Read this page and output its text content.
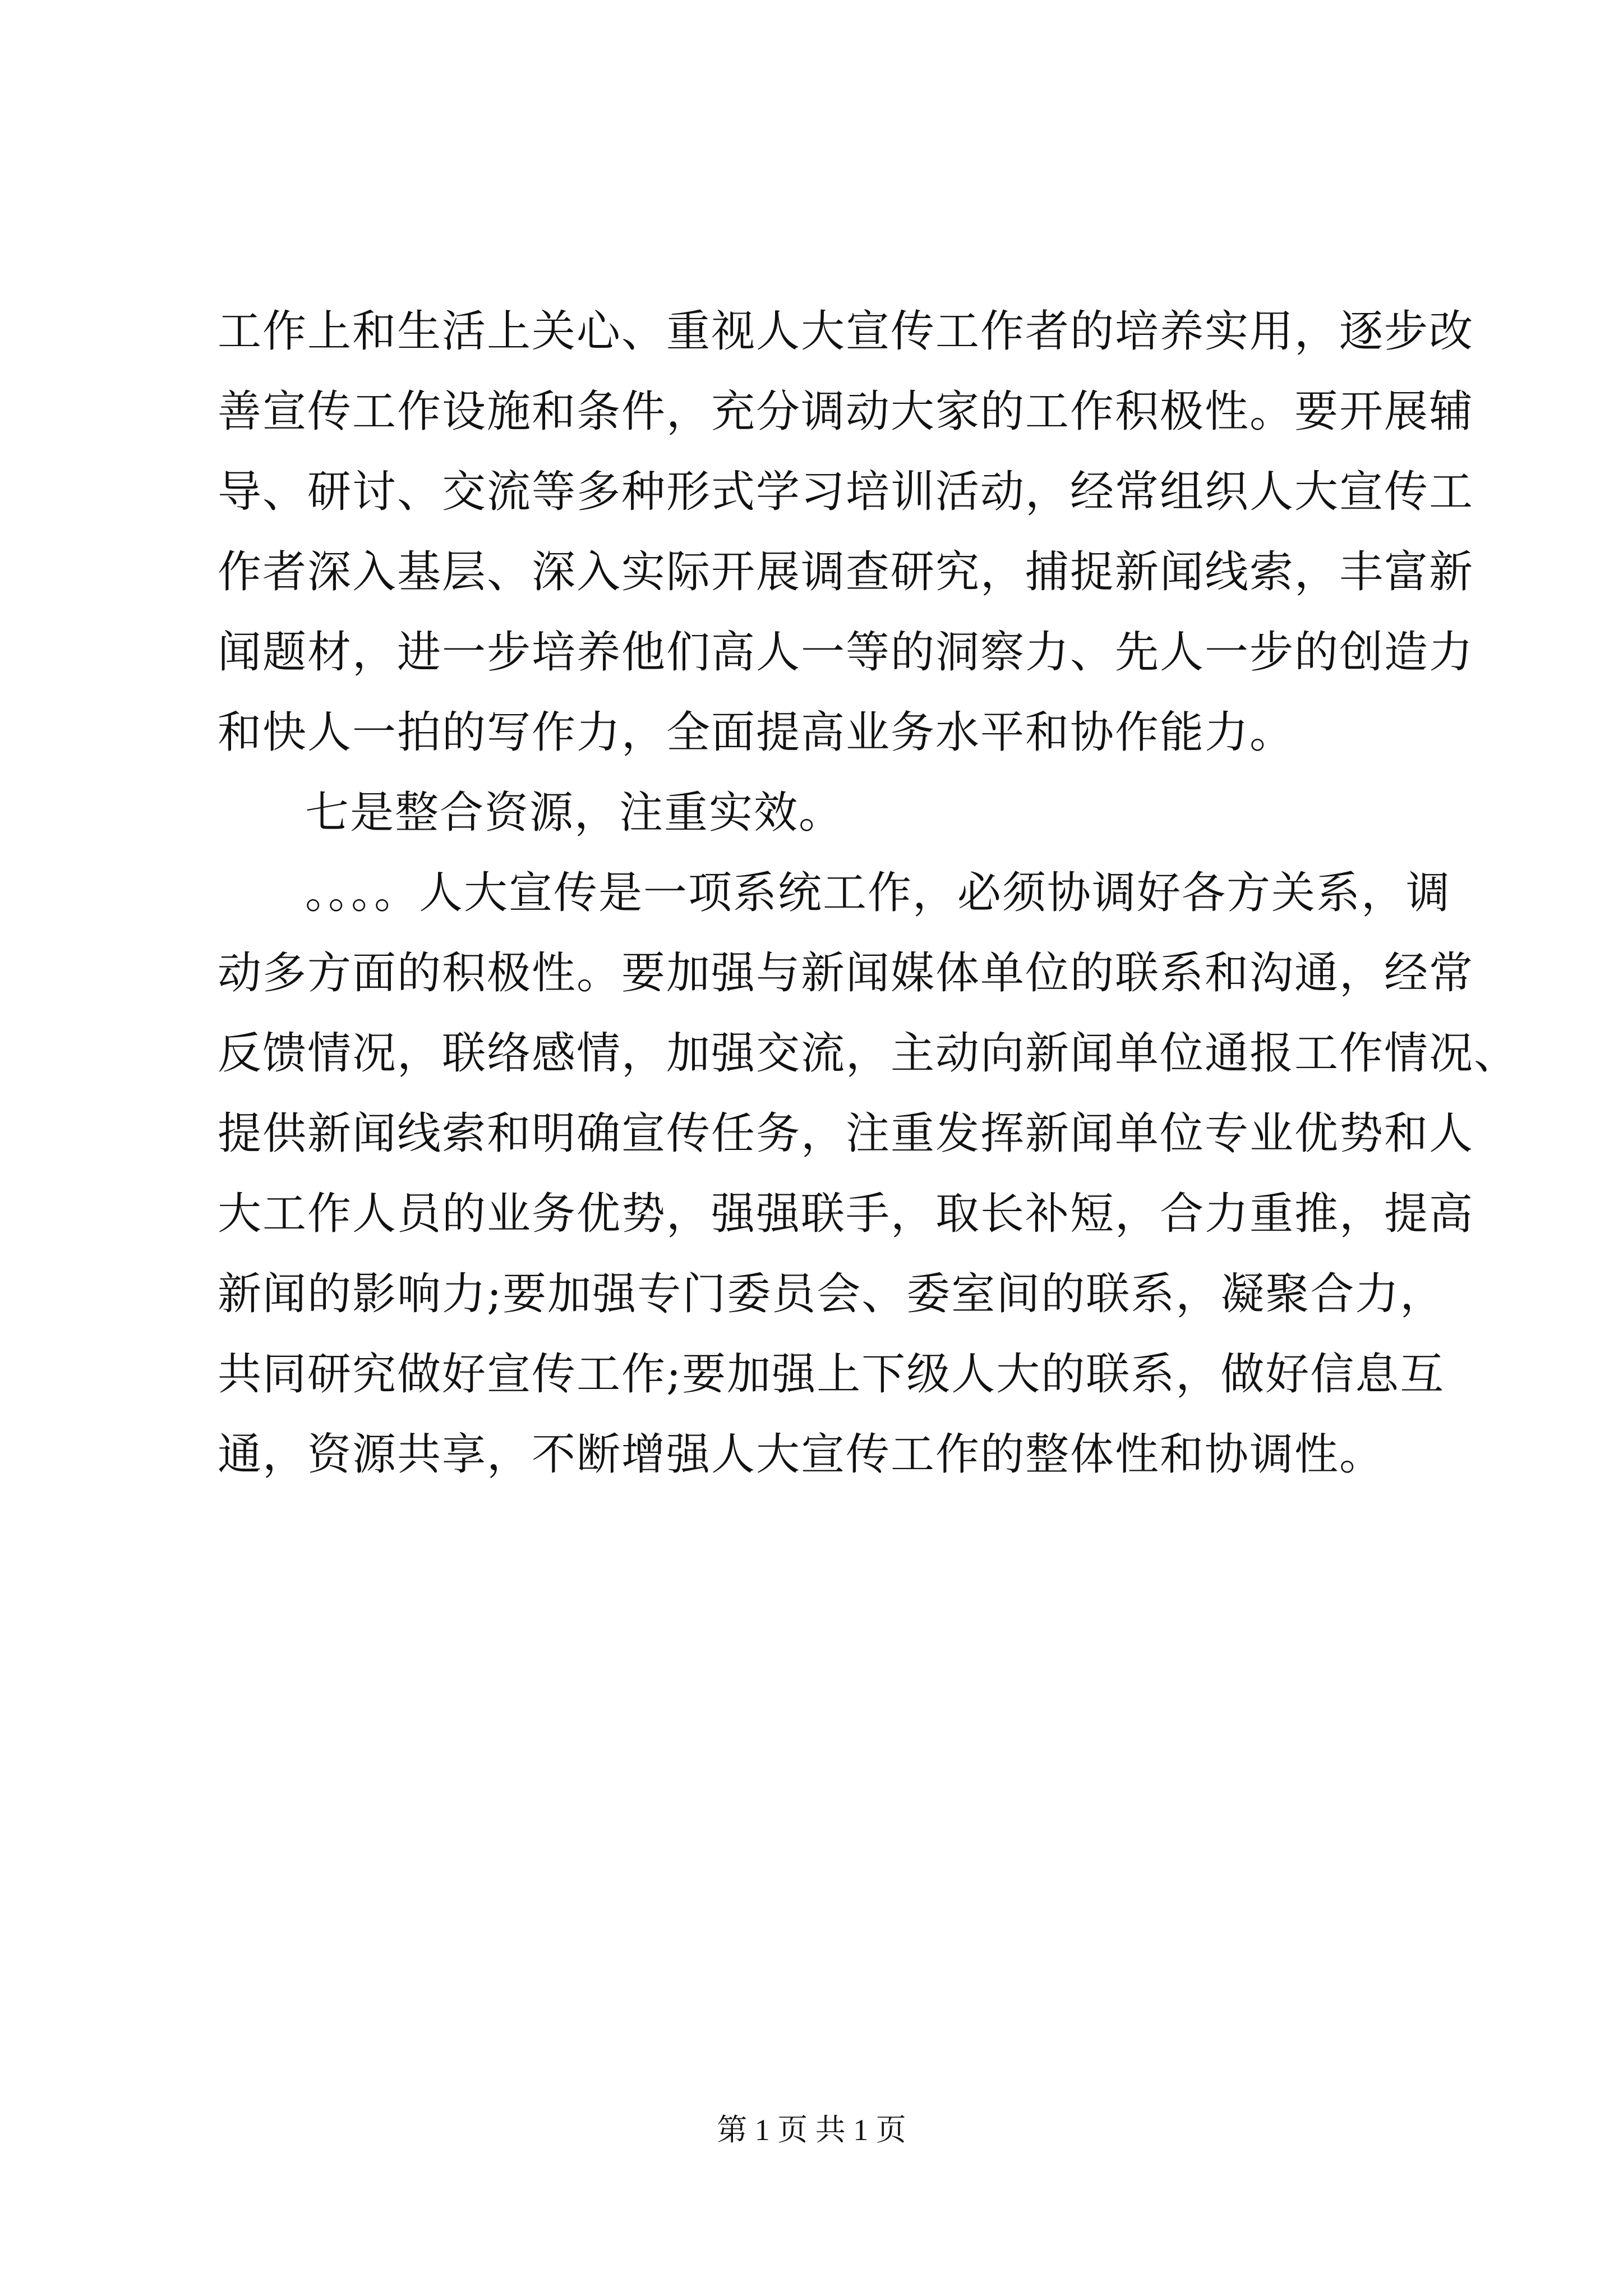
工作上和生活上关心、重视人大宣传工作者的培养实用，逐步改
善宣传工作设施和条件，充分调动大家的工作积极性。要开展辅
导、研讨、交流等多种形式学习培训活动，经常组织人大宣传工
作者深入基层、深入实际开展调查研究，捕捉新闻线索，丰富新
闻题材，进一步培养他们高人一等的洞察力、先人一步的创造力
和快人一拍的写作力，全面提高业务水平和协作能力。
七是整合资源，注重实效。
。。。。人大宣传是一项系统工作，必须协调好各方关系，调
动多方面的积极性。要加强与新闻媒体单位的联系和沟通，经常
反馈情况，联络感情，加强交流，主动向新闻单位通报工作情况、
提供新闻线索和明确宣传任务，注重发挥新闻单位专业优势和人
大工作人员的业务优势，强强联手，取长补短，合力重推，提高
新闻的影响力;要加强专门委员会、委室间的联系，凝聚合力，
共同研究做好宣传工作;要加强上下级人大的联系，做好信息互
通，资源共享，不断增强人大宣传工作的整体性和协调性。
第 1 页 共 1 页
